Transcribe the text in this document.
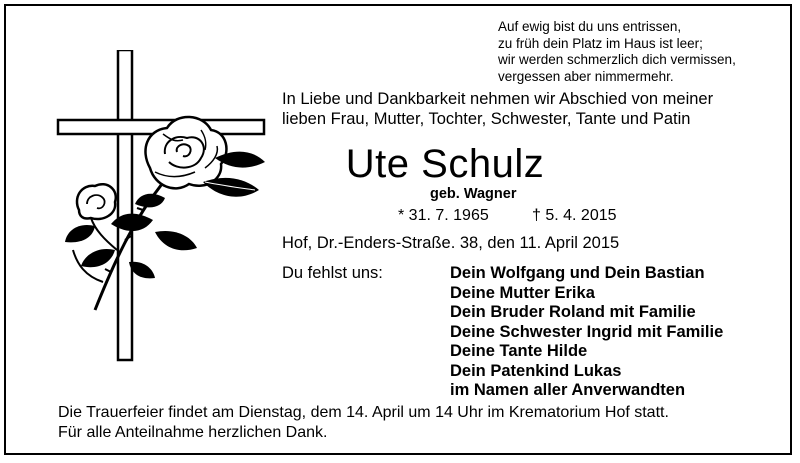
Auf ewig bist du uns entrissen,
zu früh dein Platz im Haus ist leer;
wir werden schmerzlich dich vermissen,
vergessen aber nimmermehr.
In Liebe und Dankbarkeit nehmen wir Abschied von meiner
lieben Frau, Mutter, Tochter, Schwester, Tante und Patin
Ute Schulz
geb. Wagner
* 31. 7. 1965	† 5. 4. 2015
Hof, Dr.-Enders-Straße. 38, den 11. April 2015
Du fehlst uns:	Dein Wolfgang und Dein Bastian
Deine Mutter Erika
Dein Bruder Roland mit Familie
Deine Schwester Ingrid mit Familie
Deine Tante Hilde
Dein Patenkind Lukas
im Namen aller Anverwandten
Die Trauerfeier findet am Dienstag, dem 14. April um 14 Uhr im Krematorium Hof statt.
Für alle Anteilnahme herzlichen Dank.
